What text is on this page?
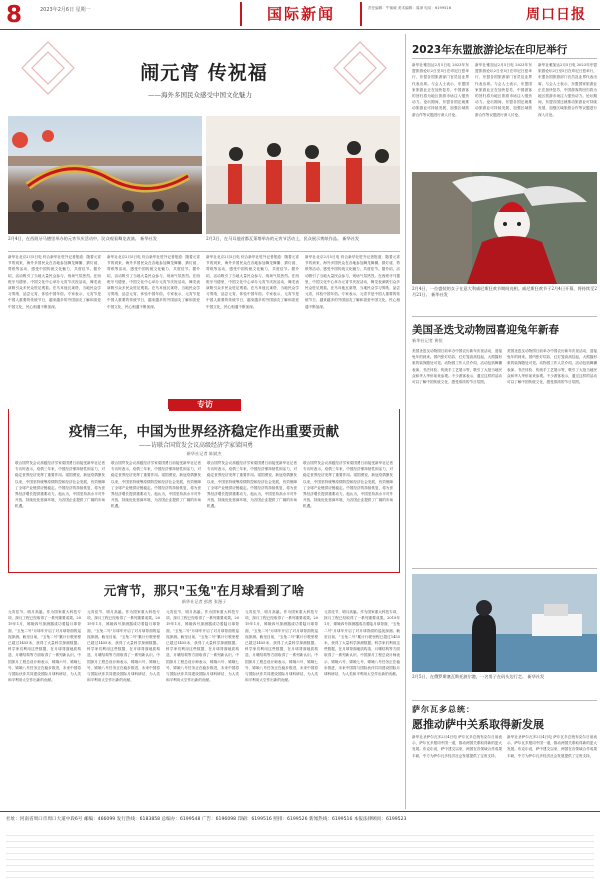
8	2023年2月6日 星期一	国际新闻	责任编辑：牛赛威 美术编辑：周津 电话：6199516	周口日报
闹元宵 传祝福
——海外多国民众感受中国文化魅力
2月4日，在西班牙马德里举办的元宵节庆活动中，民众观看舞龙表演。 新华社发	2月3日，在马耳他首都瓦莱塔举办的元宵节活动上，民众展示剪纸作品。 新华社发
新华社北京2月5日电 综合新华社驻外记者报道：随着元宵节的到来，海外多国民众在各地参加舞龙舞狮、猜灯谜、剪纸等活动，感受中国传统文化魅力，共度佳节。据介绍，活动吸引了当地大量民众参与，现场气氛热烈。在西班牙马德里，中国文化中心举办元宵节庆祝活动，舞龙表演吸引众多民众驻足观看。在马耳他瓦莱塔，当地民众学习剪纸、品尝元宵，体验中国年俗。专家表示，元宵节是中国人重要的传统节日，越来越多的外国朋友了解和喜爱中国文化，民心相通不断加深。
新华社北京2月5日电 综合新华社驻外记者报道：随着元宵节的到来，海外多国民众在各地参加舞龙舞狮、猜灯谜、剪纸等活动，感受中国传统文化魅力，共度佳节。据介绍，活动吸引了当地大量民众参与，现场气氛热烈。在西班牙马德里，中国文化中心举办元宵节庆祝活动，舞龙表演吸引众多民众驻足观看。在马耳他瓦莱塔，当地民众学习剪纸、品尝元宵，体验中国年俗。专家表示，元宵节是中国人重要的传统节日，越来越多的外国朋友了解和喜爱中国文化，民心相通不断加深。
新华社北京2月5日电 综合新华社驻外记者报道：随着元宵节的到来，海外多国民众在各地参加舞龙舞狮、猜灯谜、剪纸等活动，感受中国传统文化魅力，共度佳节。据介绍，活动吸引了当地大量民众参与，现场气氛热烈。在西班牙马德里，中国文化中心举办元宵节庆祝活动，舞龙表演吸引众多民众驻足观看。在马耳他瓦莱塔，当地民众学习剪纸、品尝元宵，体验中国年俗。专家表示，元宵节是中国人重要的传统节日，越来越多的外国朋友了解和喜爱中国文化，民心相通不断加深。
新华社北京2月5日电 综合新华社驻外记者报道：随着元宵节的到来，海外多国民众在各地参加舞龙舞狮、猜灯谜、剪纸等活动，感受中国传统文化魅力，共度佳节。据介绍，活动吸引了当地大量民众参与，现场气氛热烈。在西班牙马德里，中国文化中心举办元宵节庆祝活动，舞龙表演吸引众多民众驻足观看。在马耳他瓦莱塔，当地民众学习剪纸、品尝元宵，体验中国年俗。专家表示，元宵节是中国人重要的传统节日，越来越多的外国朋友了解和喜爱中国文化，民心相通不断加深。
2023年东盟旅游论坛在印尼举行
新华社雅加达2月5日电 2023年东盟旅游论坛2日至5日在印尼日惹举行，东盟各国旅游部门官员及业界代表出席。与会人士表示，东盟国家旅游业正在加快复苏，中国游客的回归将为地区旅游市场注入强劲动力。论坛期间，东盟各国还就推动旅游业可持续发展、加强区域旅游合作等议题进行深入讨论。
新华社雅加达2月5日电 2023年东盟旅游论坛2日至5日在印尼日惹举行，东盟各国旅游部门官员及业界代表出席。与会人士表示，东盟国家旅游业正在加快复苏，中国游客的回归将为地区旅游市场注入强劲动力。论坛期间，东盟各国还就推动旅游业可持续发展、加强区域旅游合作等议题进行深入讨论。
新华社雅加达2月5日电 2023年东盟旅游论坛2日至5日在印尼日惹举行，东盟各国旅游部门官员及业界代表出席。与会人士表示，东盟国家旅游业正在加快复苏，中国游客的回归将为地区旅游市场注入强劲动力。论坛期间，东盟各国还就推动旅游业可持续发展、加强区域旅游合作等议题进行深入讨论。
2月4日，一位盛装的女子在意大利威尼斯狂欢节期间亮相。威尼斯狂欢节于2月4日开幕，将持续至2月21日。 新华社发
美国圣迭戈动物园喜迎兔年新春
新华社记者 黄恒
美国圣迭戈动物园日前举办中国农历新年庆祝活动，迎接兔年的到来。园内张灯结彩，红灯笼高高挂起，大熊猫形象的装饰随处可见。动物园工作人员介绍，活动包括舞狮表演、书法体验、传统手工艺展示等，吸引了大批当地民众和华人华侨前来参观。不少游客表示，通过这样的活动可以了解中国传统文化，感受浓浓的节日氛围。
美国圣迭戈动物园日前举办中国农历新年庆祝活动，迎接兔年的到来。园内张灯结彩，红灯笼高高挂起，大熊猫形象的装饰随处可见。动物园工作人员介绍，活动包括舞狮表演、书法体验、传统手工艺展示等，吸引了大批当地民众和华人华侨前来参观。不少游客表示，通过这样的活动可以了解中国传统文化，感受浓浓的节日氛围。
2月5日，在俄罗斯塞瓦斯托波尔港，一名男子在码头边行走。 新华社发
萨尔瓦多总统：
愿推动萨中关系取得新发展
新华社圣萨尔瓦多2月4日电 萨尔瓦多总统布克尔日前表示，萨尔瓦多愿同中国一道，推动两国关系取得新的更大发展。布克尔说，萨中建交以来，两国在各领域合作成果丰硕，中方为萨尔瓦多经济社会发展提供了宝贵支持。
新华社圣萨尔瓦多2月4日电 萨尔瓦多总统布克尔日前表示，萨尔瓦多愿同中国一道，推动两国关系取得新的更大发展。布克尔说，萨中建交以来，两国在各领域合作成果丰硕，中方为萨尔瓦多经济社会发展提供了宝贵支持。
专访
疫情三年，中国为世界经济稳定作出重要贡献
——访联合国贸发会议高级经济学家梁国勇
新华社记者 陈斌杰
联合国贸发会议高级经济学家梁国勇日前接受新华社记者专访时表示，疫情三年来，中国经济保持韧性和活力，对稳定世界经济发挥了重要作用。梁国勇说，新冠疫情暴发以来，中国坚持统筹疫情防控和经济社会发展，有效保障了全球产业链供应链稳定。中国经济的持续恢复，将为世界经济增长提供重要动力。他认为，中国坚持高水平对外开放，持续优化营商环境，为各国企业提供了广阔的市场机遇。
联合国贸发会议高级经济学家梁国勇日前接受新华社记者专访时表示，疫情三年来，中国经济保持韧性和活力，对稳定世界经济发挥了重要作用。梁国勇说，新冠疫情暴发以来，中国坚持统筹疫情防控和经济社会发展，有效保障了全球产业链供应链稳定。中国经济的持续恢复，将为世界经济增长提供重要动力。他认为，中国坚持高水平对外开放，持续优化营商环境，为各国企业提供了广阔的市场机遇。
联合国贸发会议高级经济学家梁国勇日前接受新华社记者专访时表示，疫情三年来，中国经济保持韧性和活力，对稳定世界经济发挥了重要作用。梁国勇说，新冠疫情暴发以来，中国坚持统筹疫情防控和经济社会发展，有效保障了全球产业链供应链稳定。中国经济的持续恢复，将为世界经济增长提供重要动力。他认为，中国坚持高水平对外开放，持续优化营商环境，为各国企业提供了广阔的市场机遇。
联合国贸发会议高级经济学家梁国勇日前接受新华社记者专访时表示，疫情三年来，中国经济保持韧性和活力，对稳定世界经济发挥了重要作用。梁国勇说，新冠疫情暴发以来，中国坚持统筹疫情防控和经济社会发展，有效保障了全球产业链供应链稳定。中国经济的持续恢复，将为世界经济增长提供重要动力。他认为，中国坚持高水平对外开放，持续优化营商环境，为各国企业提供了广阔的市场机遇。
元宵节，那只"玉兔"在月球看到了啥
新华社记者 彭茜 张漫子
元宵佳节，明月高悬。作为国家重大科技专项，探月工程已经取得了一系列重要成果。2019年1月，嫦娥四号探测器成功着陆月球背面，"玉兔二号"月球车开启了对月球背面的巡视探测。截至目前，"玉兔二号"累计行驶里程已超过1455米，获得了大量科学探测数据。科学家们利用这些数据，在月球背面地质构造、月壤结构等方面取得了一系列新认识。中国探月工程总设计师表示，嫦娥六号、嫦娥七号、嫦娥八号任务正在稳步推进，未来中国将与国际伙伴共同建设国际月球科研站，为人类和平利用太空作出新的贡献。
元宵佳节，明月高悬。作为国家重大科技专项，探月工程已经取得了一系列重要成果。2019年1月，嫦娥四号探测器成功着陆月球背面，"玉兔二号"月球车开启了对月球背面的巡视探测。截至目前，"玉兔二号"累计行驶里程已超过1455米，获得了大量科学探测数据。科学家们利用这些数据，在月球背面地质构造、月壤结构等方面取得了一系列新认识。中国探月工程总设计师表示，嫦娥六号、嫦娥七号、嫦娥八号任务正在稳步推进，未来中国将与国际伙伴共同建设国际月球科研站，为人类和平利用太空作出新的贡献。
元宵佳节，明月高悬。作为国家重大科技专项，探月工程已经取得了一系列重要成果。2019年1月，嫦娥四号探测器成功着陆月球背面，"玉兔二号"月球车开启了对月球背面的巡视探测。截至目前，"玉兔二号"累计行驶里程已超过1455米，获得了大量科学探测数据。科学家们利用这些数据，在月球背面地质构造、月壤结构等方面取得了一系列新认识。中国探月工程总设计师表示，嫦娥六号、嫦娥七号、嫦娥八号任务正在稳步推进，未来中国将与国际伙伴共同建设国际月球科研站，为人类和平利用太空作出新的贡献。
元宵佳节，明月高悬。作为国家重大科技专项，探月工程已经取得了一系列重要成果。2019年1月，嫦娥四号探测器成功着陆月球背面，"玉兔二号"月球车开启了对月球背面的巡视探测。截至目前，"玉兔二号"累计行驶里程已超过1455米，获得了大量科学探测数据。科学家们利用这些数据，在月球背面地质构造、月壤结构等方面取得了一系列新认识。中国探月工程总设计师表示，嫦娥六号、嫦娥七号、嫦娥八号任务正在稳步推进，未来中国将与国际伙伴共同建设国际月球科研站，为人类和平利用太空作出新的贡献。
元宵佳节，明月高悬。作为国家重大科技专项，探月工程已经取得了一系列重要成果。2019年1月，嫦娥四号探测器成功着陆月球背面，"玉兔二号"月球车开启了对月球背面的巡视探测。截至目前，"玉兔二号"累计行驶里程已超过1455米，获得了大量科学探测数据。科学家们利用这些数据，在月球背面地质构造、月壤结构等方面取得了一系列新认识。中国探月工程总设计师表示，嫦娥六号、嫦娥七号、嫦娥八号任务正在稳步推进，未来中国将与国际伙伴共同建设国际月球科研站，为人类和平利用太空作出新的贡献。
社址：河南省周口市周口大道中段6号 邮编：466099 发行热线：6183858 总编办：6199548 广告：6196098 印刷：6199516 照排：6199526 新闻热线：6199516 本报法律顾问：6199523
